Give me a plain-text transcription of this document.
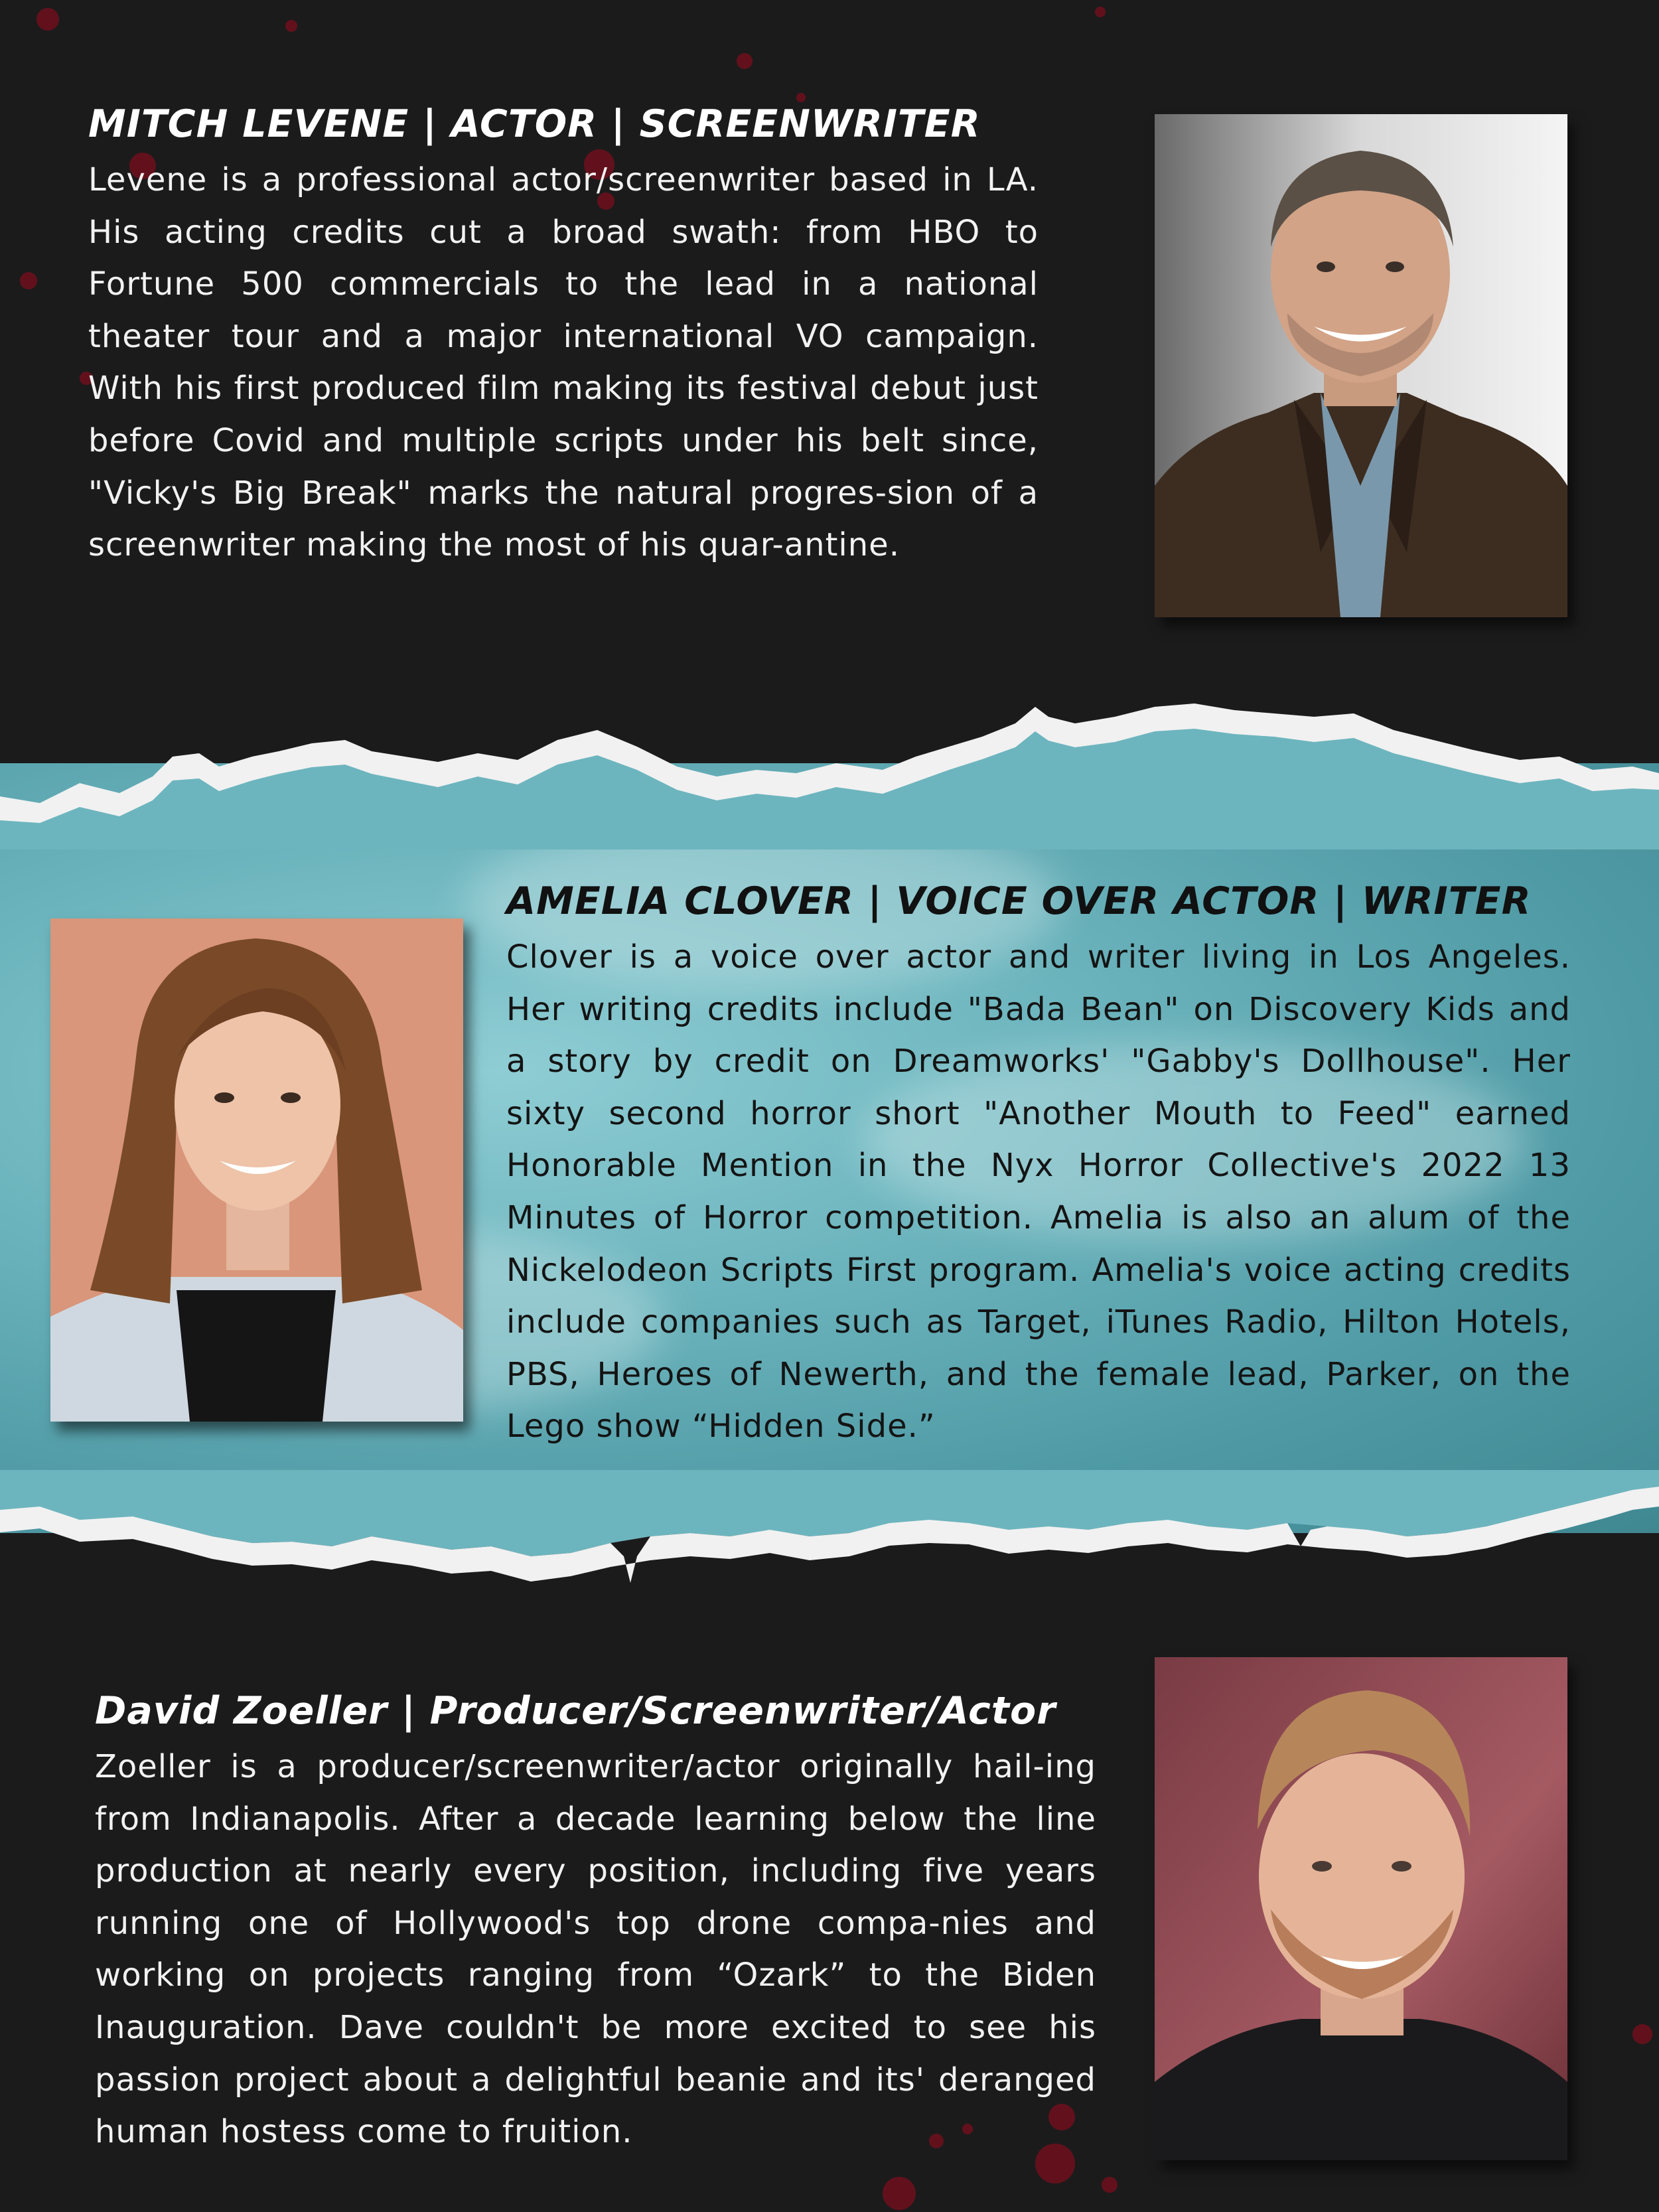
MITCH LEVENE | ACTOR | SCREENWRITER

Levene is a professional actor/screenwriter based in LA. His acting credits cut a broad swath: from HBO to Fortune 500 commercials to the lead in a national theater tour and a major international VO campaign. With his first produced film making its festival debut just before Covid and multiple scripts under his belt since, "Vicky's Big Break" marks the natural progres-sion of a screenwriter making the most of his quar-antine.

AMELIA CLOVER | VOICE OVER ACTOR | WRITER

Clover is a voice over actor and writer living in Los Angeles. Her writing credits include "Bada Bean" on Discovery Kids and a story by credit on Dreamworks' "Gabby's Dollhouse". Her sixty second horror short "Another Mouth to Feed" earned Honorable Mention in the Nyx Horror Collective's 2022 13 Minutes of Horror competition. Amelia is also an alum of the Nickelodeon Scripts First program. Amelia's voice acting credits include companies such as Target, iTunes Radio, Hilton Hotels, PBS, Heroes of Newerth, and the female lead, Parker, on the Lego show “Hidden Side.”

David Zoeller | Producer/Screenwriter/Actor

Zoeller is a producer/screenwriter/actor originally hail-ing from Indianapolis. After a decade learning below the line production at nearly every position, including five years running one of Hollywood's top drone compa-nies and working on projects ranging from “Ozark” to the Biden Inauguration. Dave couldn't be more excited to see his passion project about a delightful beanie and its' deranged human hostess come to fruition.
